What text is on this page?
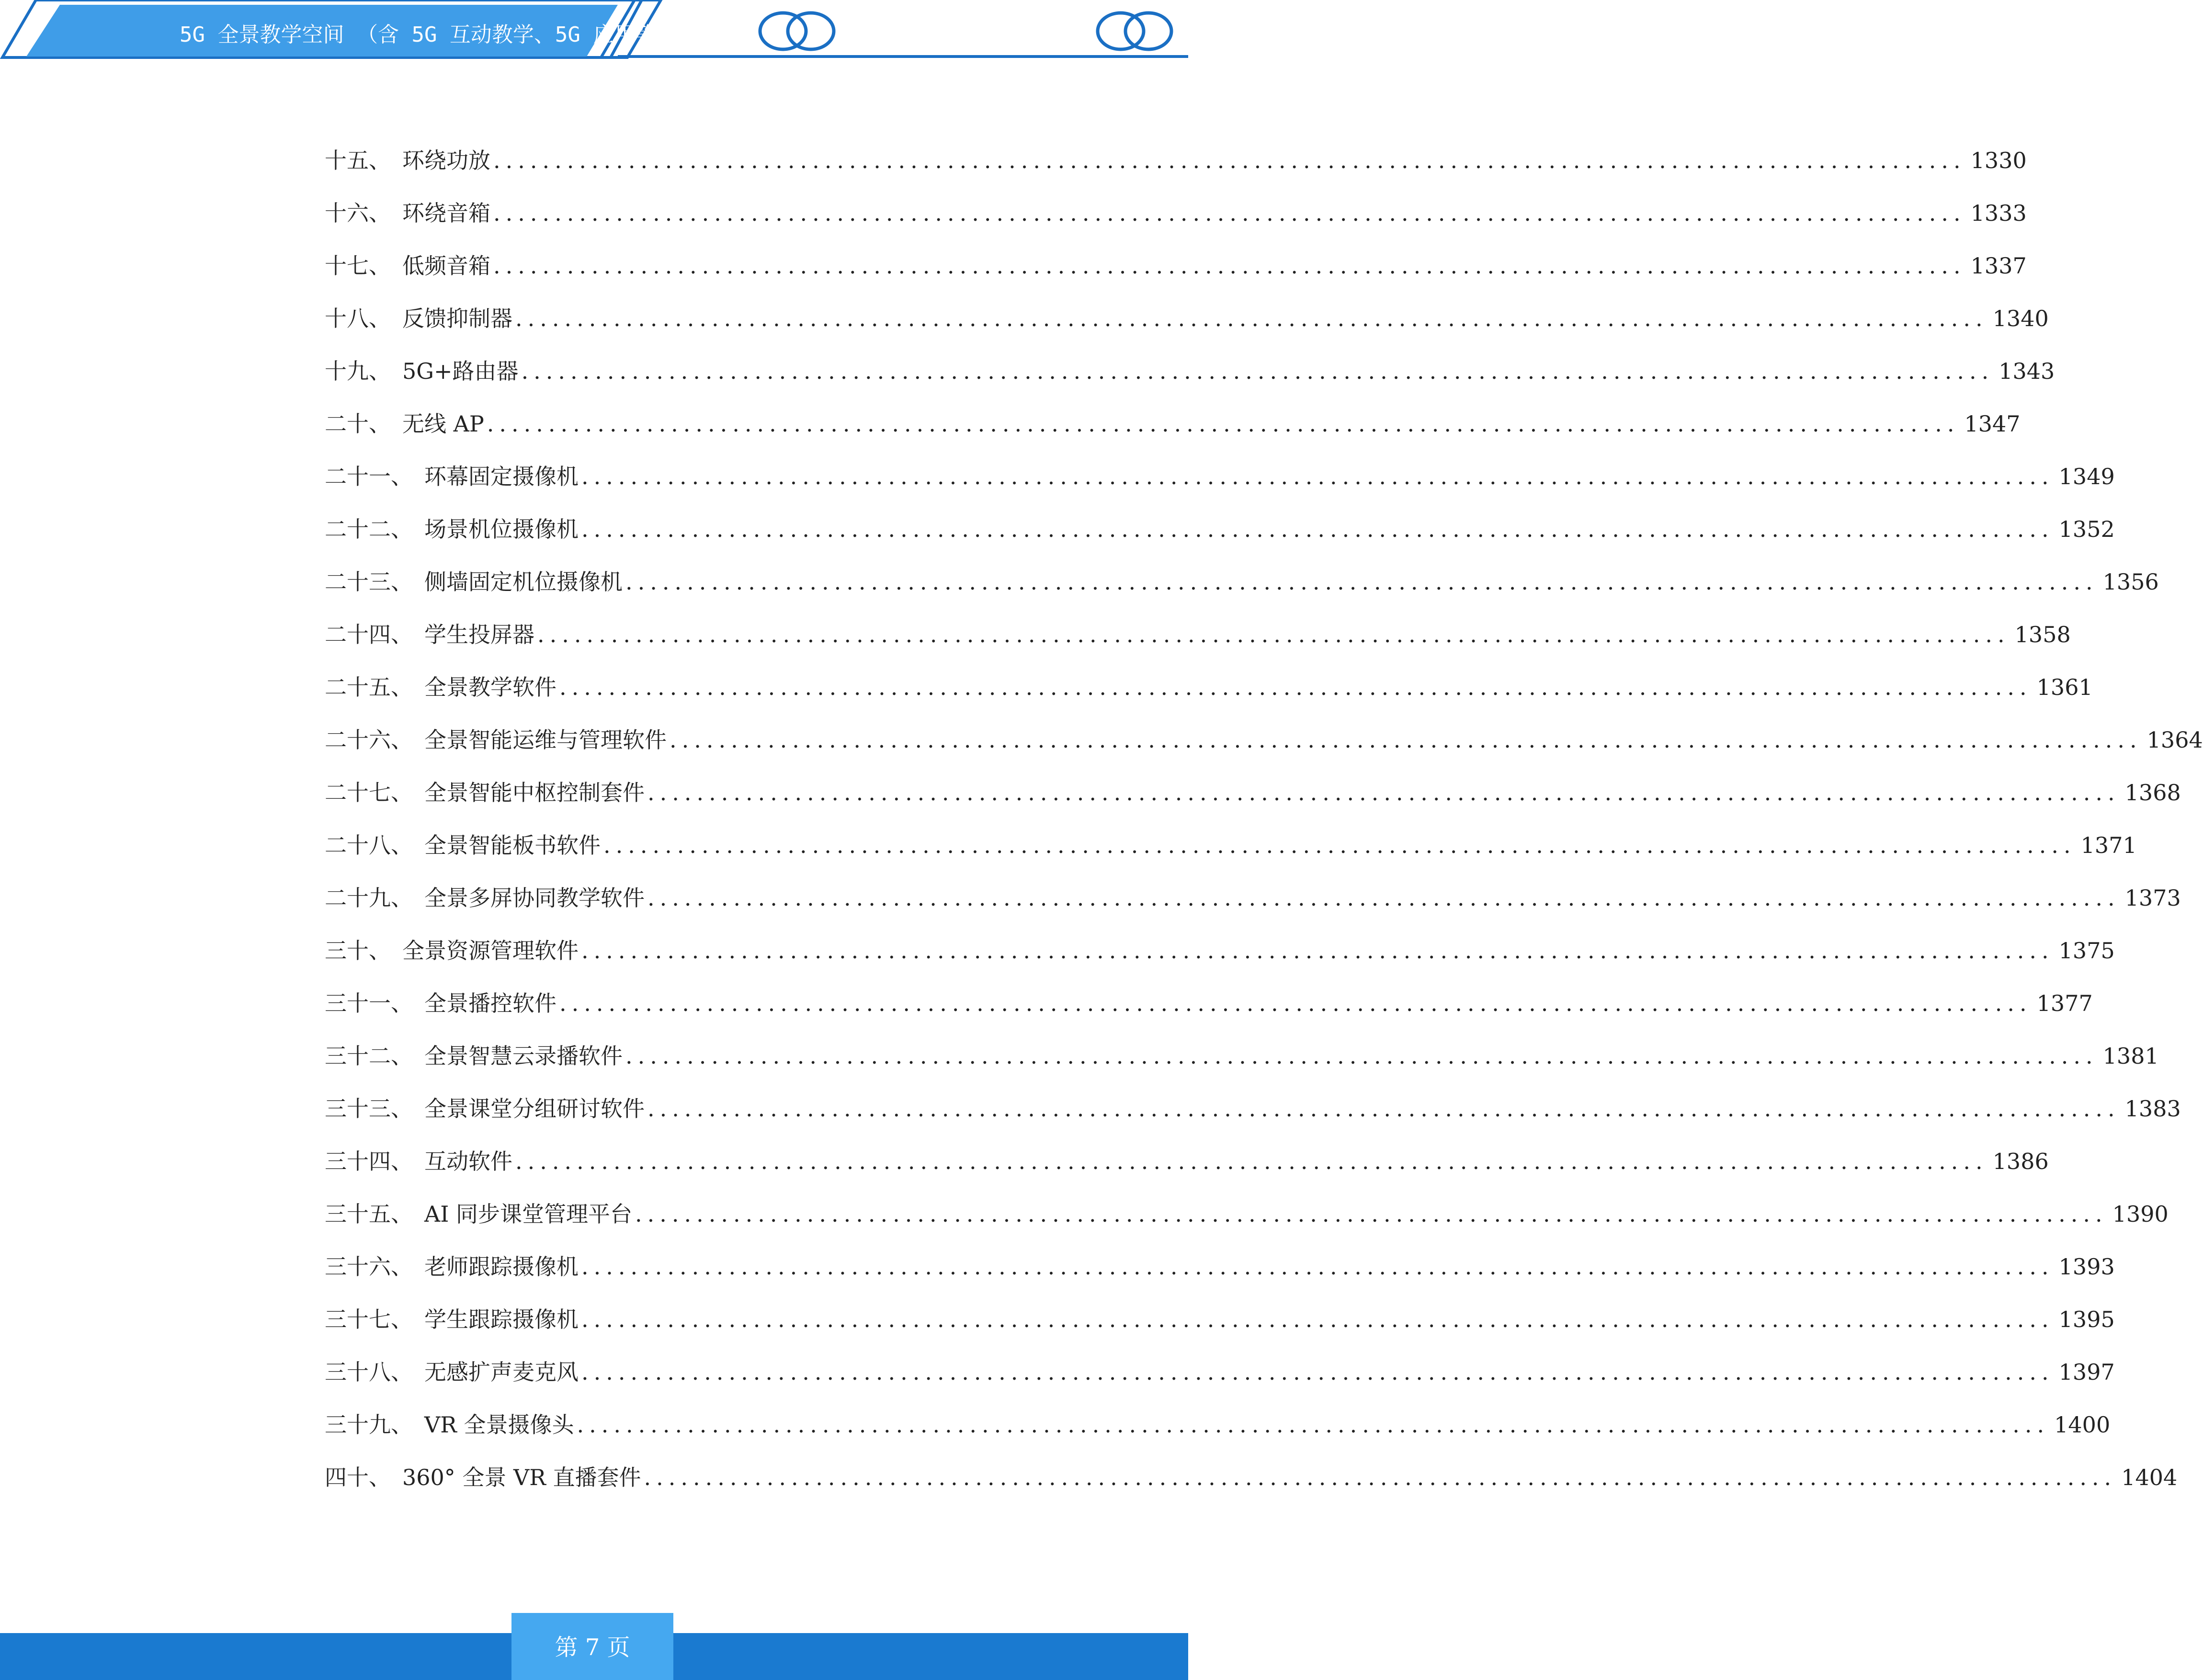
5G 全景教学空间 （含 5G 互动教学、5G 应用等）
十五、 环绕功放 ........................................................................................................................ 1330
十六、 环绕音箱 ........................................................................................................................ 1333
十七、 低频音箱 ........................................................................................................................ 1337
十八、 反馈抑制器 ........................................................................................................................ 1340
十九、 5G+路由器 ........................................................................................................................ 1343
二十、 无线 AP ........................................................................................................................ 1347
二十一、 环幕固定摄像机 ........................................................................................................................ 1349
二十二、 场景机位摄像机 ........................................................................................................................ 1352
二十三、 侧墙固定机位摄像机 ........................................................................................................................ 1356
二十四、 学生投屏器 ........................................................................................................................ 1358
二十五、 全景教学软件 ........................................................................................................................ 1361
二十六、 全景智能运维与管理软件 ........................................................................................................................ 1364
二十七、 全景智能中枢控制套件 ........................................................................................................................ 1368
二十八、 全景智能板书软件 ........................................................................................................................ 1371
二十九、 全景多屏协同教学软件 ........................................................................................................................ 1373
三十、 全景资源管理软件 ........................................................................................................................ 1375
三十一、 全景播控软件 ........................................................................................................................ 1377
三十二、 全景智慧云录播软件 ........................................................................................................................ 1381
三十三、 全景课堂分组研讨软件 ........................................................................................................................ 1383
三十四、 互动软件 ........................................................................................................................ 1386
三十五、 AI 同步课堂管理平台 ........................................................................................................................ 1390
三十六、 老师跟踪摄像机 ........................................................................................................................ 1393
三十七、 学生跟踪摄像机 ........................................................................................................................ 1395
三十八、 无感扩声麦克风 ........................................................................................................................ 1397
三十九、 VR 全景摄像头 ........................................................................................................................ 1400
四十、 360° 全景 VR 直播套件 ........................................................................................................................ 1404
第 7 页
